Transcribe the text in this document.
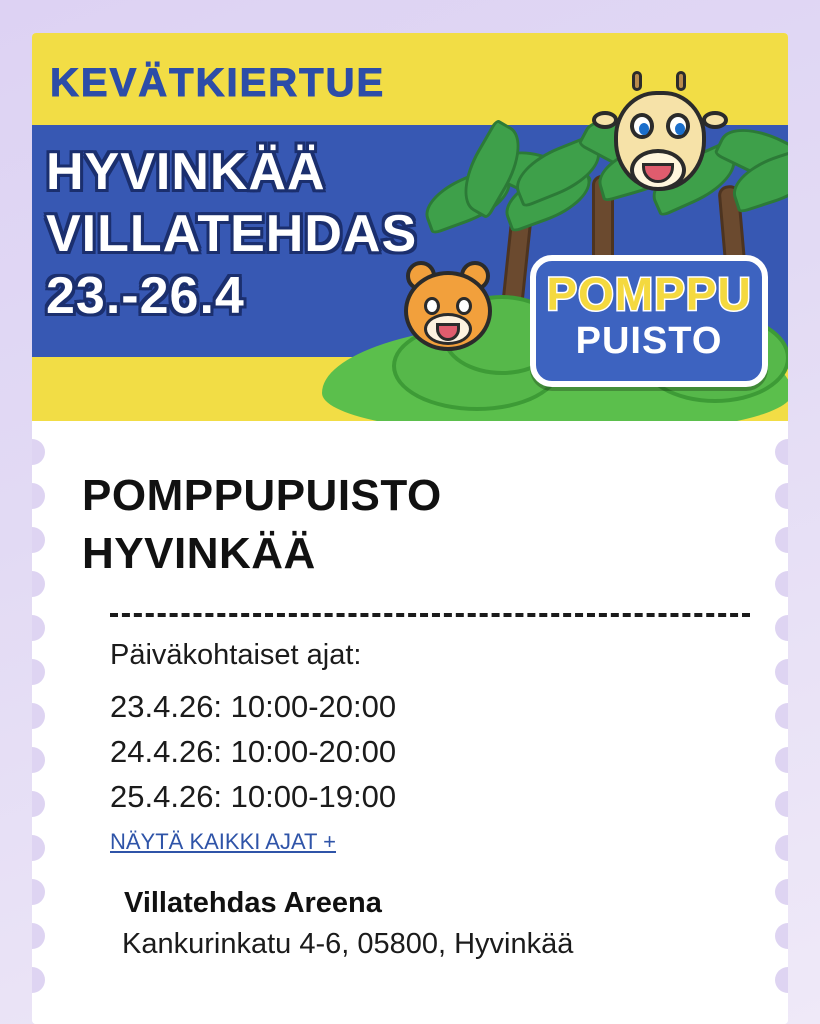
POMPPU
PUISTO
KEVÄTKIERTUE
HYVINKÄÄ
VILLATEHDAS
23.-26.4
POMPPUPUISTO
HYVINKÄÄ
Päiväkohtaiset ajat:
23.4.26: 10:00-20:00
24.4.26: 10:00-20:00
25.4.26: 10:00-19:00
NÄYTÄ KAIKKI AJAT +
Villatehdas Areena
Kankurinkatu 4-6, 05800, Hyvinkää
